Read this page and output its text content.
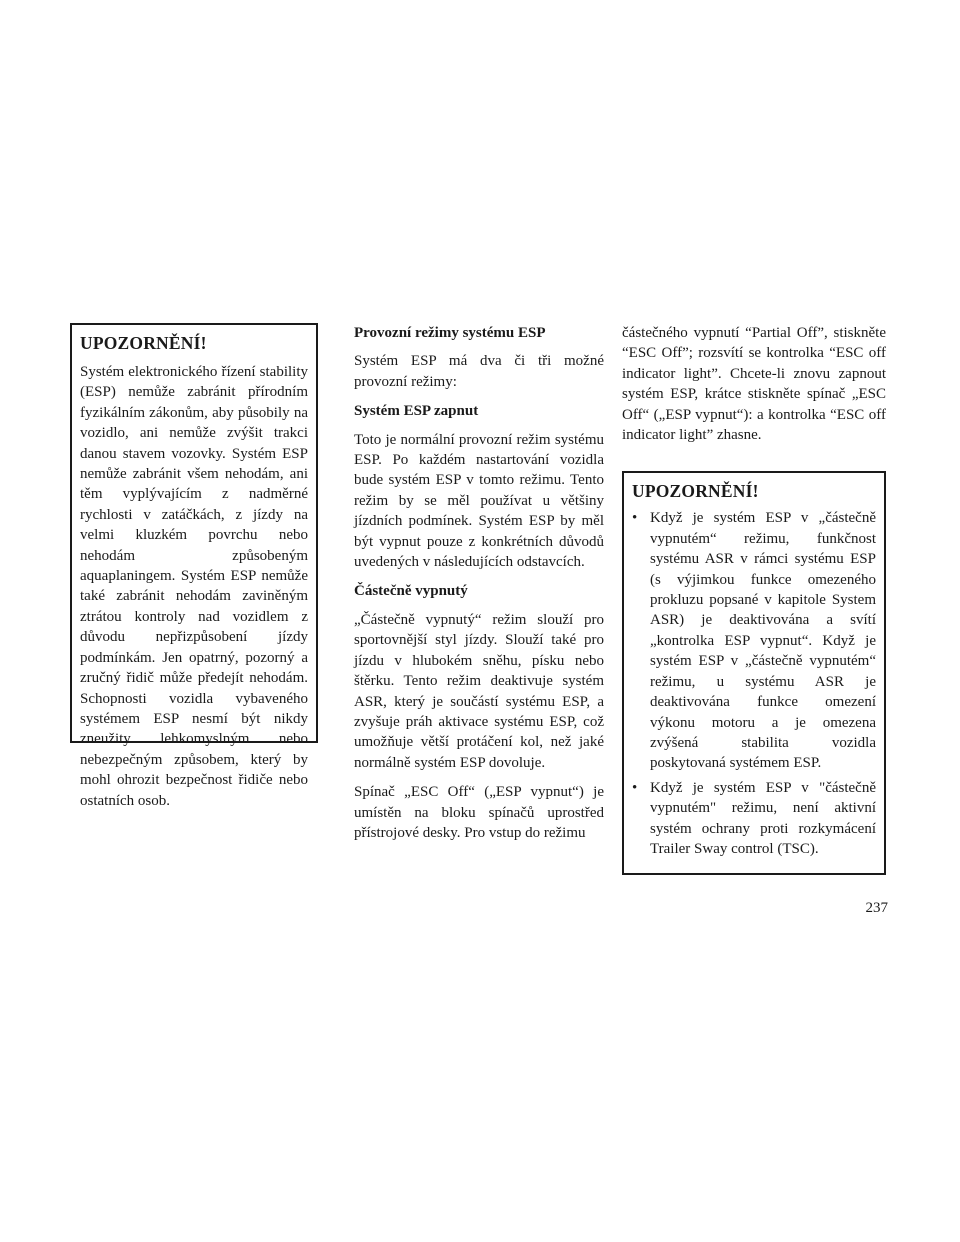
UPOZORNĚNÍ!

Systém elektronického řízení stability (ESP) nemůže zabránit přírodním fyzikálním zákonům, aby působily na vozidlo, ani nemůže zvýšit trakci danou stavem vozovky. Systém ESP nemůže zabránit všem nehodám, ani těm vyplývajícím z nadměrné rychlosti v zatáčkách, z jízdy na velmi kluzkém povrchu nebo nehodám způsobeným aquaplaningem. Systém ESP nemůže také zabránit nehodám zaviněným ztrátou kontroly nad vozidlem z důvodu nepřizpůsobení jízdy podmínkám. Jen opatrný, pozorný a zručný řidič může předejít nehodám. Schopnosti vozidla vybaveného systémem ESP nesmí být nikdy zneužity lehkomyslným nebo nebezpečným způsobem, který by mohl ohrozit bezpečnost řidiče nebo ostatních osob.

Provozní režimy systému ESP

Systém ESP má dva či tři možné provozní režimy:

Systém ESP zapnut

Toto je normální provozní režim systému ESP. Po každém nastartování vozidla bude systém ESP v tomto režimu. Tento režim by se měl používat u většiny jízdních podmínek. Systém ESP by měl být vypnut pouze z konkrétních důvodů uvedených v následujících odstavcích.

Částečně vypnutý

„Částečně vypnutý“ režim slouží pro sportovnější styl jízdy. Slouží také pro jízdu v hlubokém sněhu, písku nebo štěrku. Tento režim deaktivuje systém ASR, který je součástí systému ESP, a zvyšuje práh aktivace systému ESP, což umožňuje větší protáčení kol, než jaké normálně systém ESP dovoluje.

Spínač „ESC Off“ („ESP vypnut“) je umístěn na bloku spínačů uprostřed přístrojové desky. Pro vstup do režimu

částečného vypnutí “Partial Off”, stiskněte “ESC Off”; rozsvítí se kontrolka “ESC off indicator light”. Chcete-li znovu zapnout systém ESP, krátce stiskněte spínač „ESC Off“ („ESP vypnut“): a kontrolka “ESC off indicator light” zhasne.

UPOZORNĚNÍ!
• Když je systém ESP v „částečně vypnutém“ režimu, funkčnost systému ASR v rámci systému ESP (s výjimkou funkce omezeného prokluzu popsané v kapitole System ASR) je deaktivována a svítí „kontrolka ESP vypnut“. Když je systém ESP v „částečně vypnutém“ režimu, u systému ASR je deaktivována funkce omezení výkonu motoru a je omezena zvýšená stabilita vozidla poskytovaná systémem ESP.
• Když je systém ESP v "částečně vypnutém" režimu, není aktivní systém ochrany proti rozkymácení Trailer Sway control (TSC).
237
